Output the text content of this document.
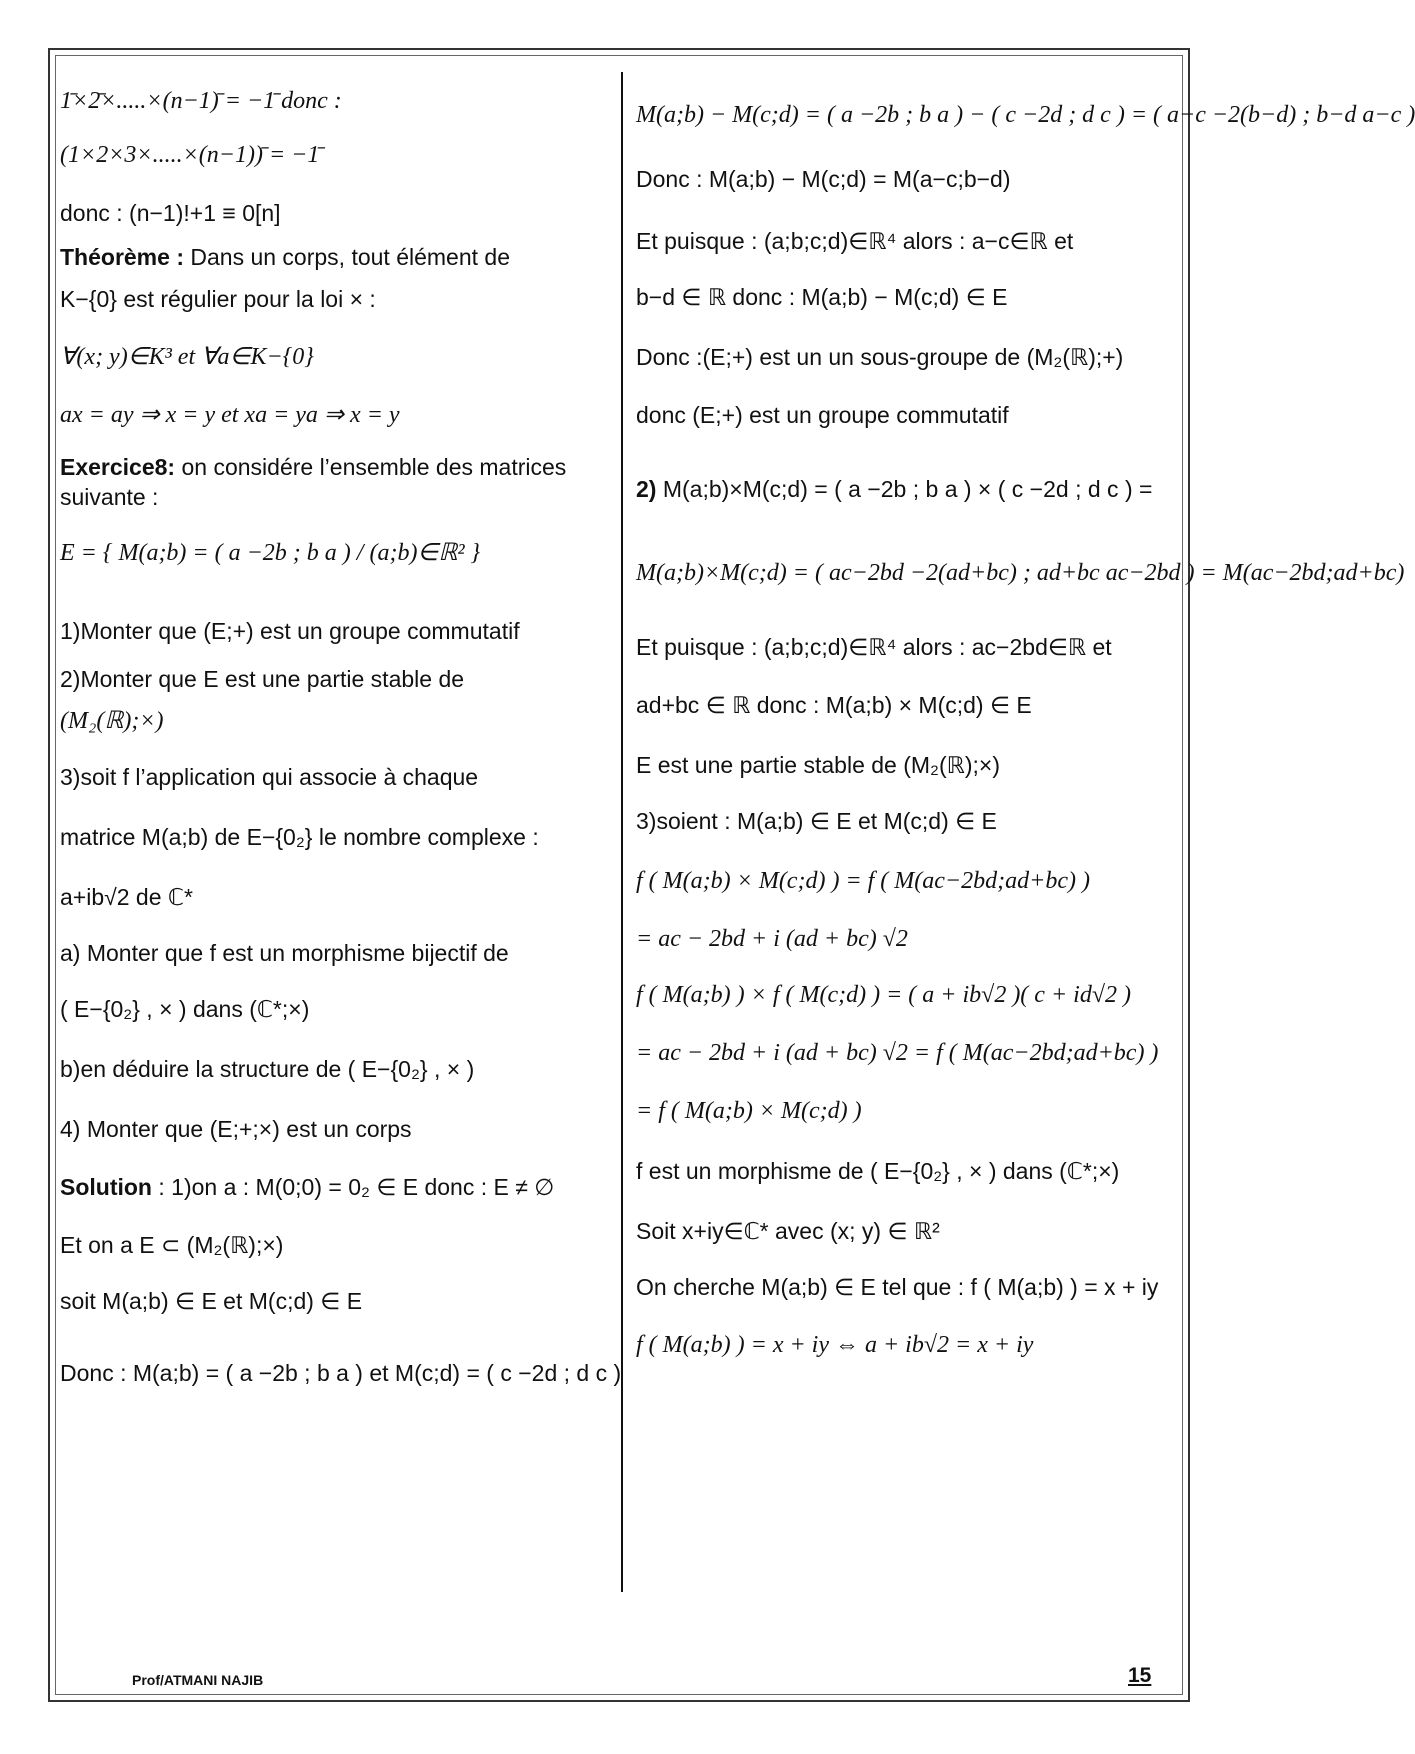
1̄×2̄×.....×(n−1)̄ = −1̄ donc :
(1×2×3×.....×(n−1))̄ = −1̄
donc : (n−1)!+1 ≡ 0[n]
Théorème : Dans un corps, tout élément de
K−{0} est régulier pour la loi × :
∀(x; y)∈K³ et ∀a∈K−{0}
ax = ay ⇒ x = y et xa = ya ⇒ x = y
Exercice8: on considére l’ensemble des matrices
suivante :
E = { M(a;b) = ( a −2b ; b a ) / (a;b)∈ℝ² }
1)Monter que (E;+) est un groupe commutatif
2)Monter que E est une partie stable de
(M₂(ℝ);×)
3)soit f l’application qui associe à chaque
matrice M(a;b) de E−{0₂} le nombre complexe :
a+ib√2 de ℂ*
a) Monter que f est un morphisme bijectif de
( E−{0₂} , × ) dans (ℂ*;×)
b)en déduire la structure de ( E−{0₂} , × )
4) Monter que (E;+;×) est un corps
Solution : 1)on a : M(0;0) = 0₂ ∈ E donc : E ≠ ∅
Et on a E ⊂ (M₂(ℝ);×)
soit M(a;b) ∈ E et M(c;d) ∈ E
Donc : M(a;b) = ( a −2b ; b a ) et M(c;d) = ( c −2d ; d c )
M(a;b) − M(c;d) = ( a −2b ; b a ) − ( c −2d ; d c ) = ( a−c −2(b−d) ; b−d a−c )
Donc : M(a;b) − M(c;d) = M(a−c;b−d)
Et puisque : (a;b;c;d)∈ℝ⁴ alors : a−c∈ℝ et
b−d ∈ ℝ donc : M(a;b) − M(c;d) ∈ E
Donc :(E;+) est un un sous-groupe de (M₂(ℝ);+)
donc (E;+) est un groupe commutatif
2) M(a;b)×M(c;d) = ( a −2b ; b a ) × ( c −2d ; d c ) =
M(a;b)×M(c;d) = ( ac−2bd −2(ad+bc) ; ad+bc ac−2bd ) = M(ac−2bd;ad+bc)
Et puisque : (a;b;c;d)∈ℝ⁴ alors : ac−2bd∈ℝ et
ad+bc ∈ ℝ donc : M(a;b) × M(c;d) ∈ E
E est une partie stable de (M₂(ℝ);×)
3)soient : M(a;b) ∈ E et M(c;d) ∈ E
f ( M(a;b) × M(c;d) ) = f ( M(ac−2bd;ad+bc) )
= ac − 2bd + i (ad + bc) √2
f ( M(a;b) ) × f ( M(c;d) ) = ( a + ib√2 )( c + id√2 )
= ac − 2bd + i (ad + bc) √2 = f ( M(ac−2bd;ad+bc) )
= f ( M(a;b) × M(c;d) )
f est un morphisme de ( E−{0₂} , × ) dans (ℂ*;×)
Soit x+iy∈ℂ* avec (x; y) ∈ ℝ²
On cherche M(a;b) ∈ E tel que : f ( M(a;b) ) = x + iy
f ( M(a;b) ) = x + iy ⇔ a + ib√2 = x + iy
Prof/ATMANI NAJIB	15
